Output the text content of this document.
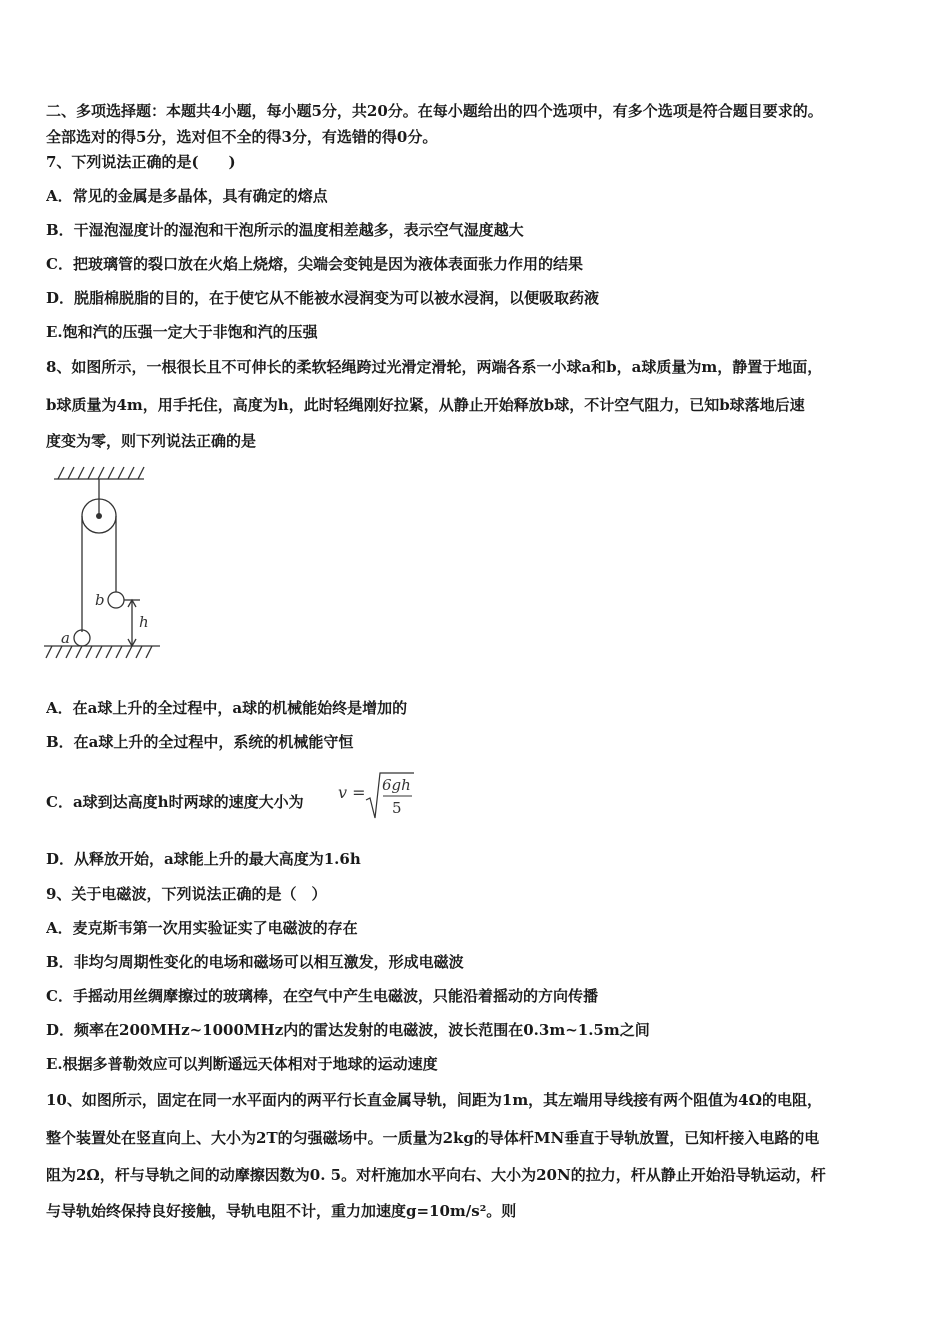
二、多项选择题：本题共4小题，每小题5分，共20分。在每小题给出的四个选项中，有多个选项是符合题目要求的。
全部选对的得5分，选对但不全的得3分，有选错的得0分。
7、下列说法正确的是(　　)
A．常见的金属是多晶体，具有确定的熔点
B．干湿泡湿度计的湿泡和干泡所示的温度相差越多，表示空气湿度越大
C．把玻璃管的裂口放在火焰上烧熔，尖端会变钝是因为液体表面张力作用的结果
D．脱脂棉脱脂的目的，在于使它从不能被水浸润变为可以被水浸润，以便吸取药液
E.饱和汽的压强一定大于非饱和汽的压强
8、如图所示，一根很长且不可伸长的柔软轻绳跨过光滑定滑轮，两端各系一小球a和b，a球质量为m，静置于地面，
b球质量为4m，用手托住，高度为h，此时轻绳刚好拉紧，从静止开始释放b球，不计空气阻力，已知b球落地后速
度变为零，则下列说法正确的是
b
a
h
A．在a球上升的全过程中，a球的机械能始终是增加的
B．在a球上升的全过程中，系统的机械能守恒
C．a球到达高度h时两球的速度大小为 v = 6gh
5
D．从释放开始，a球能上升的最大高度为1.6h
9、关于电磁波，下列说法正确的是（　）
A．麦克斯韦第一次用实验证实了电磁波的存在
B．非均匀周期性变化的电场和磁场可以相互激发，形成电磁波
C．手摇动用丝绸摩擦过的玻璃棒，在空气中产生电磁波，只能沿着摇动的方向传播
D．频率在200MHz~1000MHz内的雷达发射的电磁波，波长范围在0.3m~1.5m之间
E.根据多普勒效应可以判断遥远天体相对于地球的运动速度
10、如图所示，固定在同一水平面内的两平行长直金属导轨，间距为1m，其左端用导线接有两个阻值为4Ω的电阻，
整个装置处在竖直向上、大小为2T的匀强磁场中。一质量为2kg的导体杆MN垂直于导轨放置，已知杆接入电路的电
阻为2Ω，杆与导轨之间的动摩擦因数为0. 5。对杆施加水平向右、大小为20N的拉力，杆从静止开始沿导轨运动，杆
与导轨始终保持良好接触，导轨电阻不计，重力加速度g=10m/s²。则
